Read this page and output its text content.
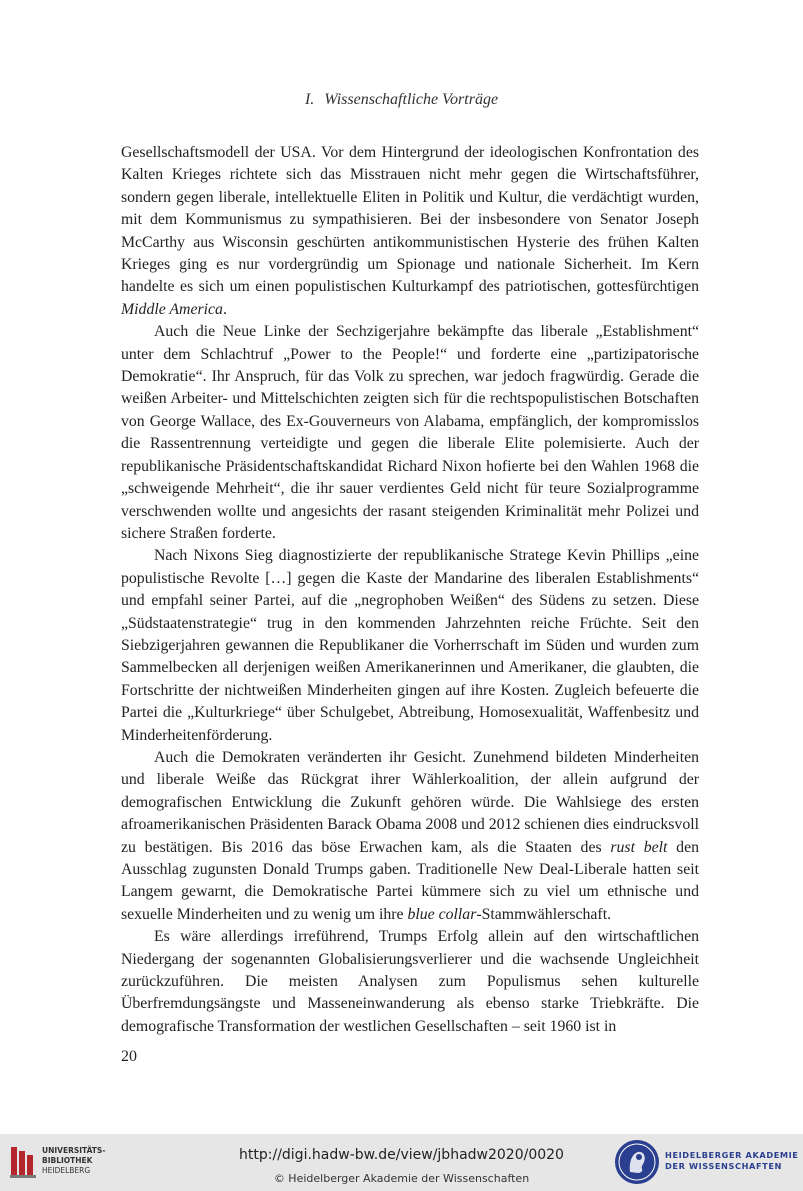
I. Wissenschaftliche Vorträge

Gesellschaftsmodell der USA. Vor dem Hintergrund der ideologischen Konfrontation des Kalten Krieges richtete sich das Misstrauen nicht mehr gegen die Wirtschaftsführer, sondern gegen liberale, intellektuelle Eliten in Politik und Kultur, die verdächtigt wurden, mit dem Kommunismus zu sympathisieren. Bei der insbesondere von Senator Joseph McCarthy aus Wisconsin geschürten antikommunistischen Hysterie des frühen Kalten Krieges ging es nur vordergründig um Spionage und nationale Sicherheit. Im Kern handelte es sich um einen populistischen Kulturkampf des patriotischen, gottesfürchtigen Middle America.

Auch die Neue Linke der Sechzigerjahre bekämpfte das liberale „Establishment“ unter dem Schlachtruf „Power to the People!“ und forderte eine „partizipatorische Demokratie“. Ihr Anspruch, für das Volk zu sprechen, war jedoch fragwürdig. Gerade die weißen Arbeiter- und Mittelschichten zeigten sich für die rechtspopulistischen Botschaften von George Wallace, des Ex-Gouverneurs von Alabama, empfänglich, der kompromisslos die Rassentrennung verteidigte und gegen die liberale Elite polemisierte. Auch der republikanische Präsidentschaftskandidat Richard Nixon hofierte bei den Wahlen 1968 die „schweigende Mehrheit“, die ihr sauer verdientes Geld nicht für teure Sozialprogramme verschwenden wollte und angesichts der rasant steigenden Kriminalität mehr Polizei und sichere Straßen forderte.

Nach Nixons Sieg diagnostizierte der republikanische Stratege Kevin Phillips „eine populistische Revolte […] gegen die Kaste der Mandarine des liberalen Establishments“ und empfahl seiner Partei, auf die „negrophoben Weißen“ des Südens zu setzen. Diese „Südstaatenstrategie“ trug in den kommenden Jahrzehnten reiche Früchte. Seit den Siebzigerjahren gewannen die Republikaner die Vorherrschaft im Süden und wurden zum Sammelbecken all derjenigen weißen Amerikanerinnen und Amerikaner, die glaubten, die Fortschritte der nichtweißen Minderheiten gingen auf ihre Kosten. Zugleich befeuerte die Partei die „Kulturkriege“ über Schulgebet, Abtreibung, Homosexualität, Waffenbesitz und Minderheitenförderung.

Auch die Demokraten veränderten ihr Gesicht. Zunehmend bildeten Minderheiten und liberale Weiße das Rückgrat ihrer Wählerkoalition, der allein aufgrund der demografischen Entwicklung die Zukunft gehören würde. Die Wahlsiege des ersten afroamerikanischen Präsidenten Barack Obama 2008 und 2012 schienen dies eindrucksvoll zu bestätigen. Bis 2016 das böse Erwachen kam, als die Staaten des rust belt den Ausschlag zugunsten Donald Trumps gaben. Traditionelle New Deal-Liberale hatten seit Langem gewarnt, die Demokratische Partei kümmere sich zu viel um ethnische und sexuelle Minderheiten und zu wenig um ihre blue collar-Stammwählerschaft.

Es wäre allerdings irreführend, Trumps Erfolg allein auf den wirtschaftlichen Niedergang der sogenannten Globalisierungsverlierer und die wachsende Ungleichheit zurückzuführen. Die meisten Analysen zum Populismus sehen kulturelle Überfremdungsängste und Masseneinwanderung als ebenso starke Triebkräfte. Die demografische Transformation der westlichen Gesellschaften – seit 1960 ist in

20
UNIVERSITÄTS-
BIBLIOTHEK
HEIDELBERG
http://digi.hadw-bw.de/view/jbhadw2020/0020
© Heidelberger Akademie der Wissenschaften
HEIDELBERGER AKADEMIE
DER WISSENSCHAFTEN
